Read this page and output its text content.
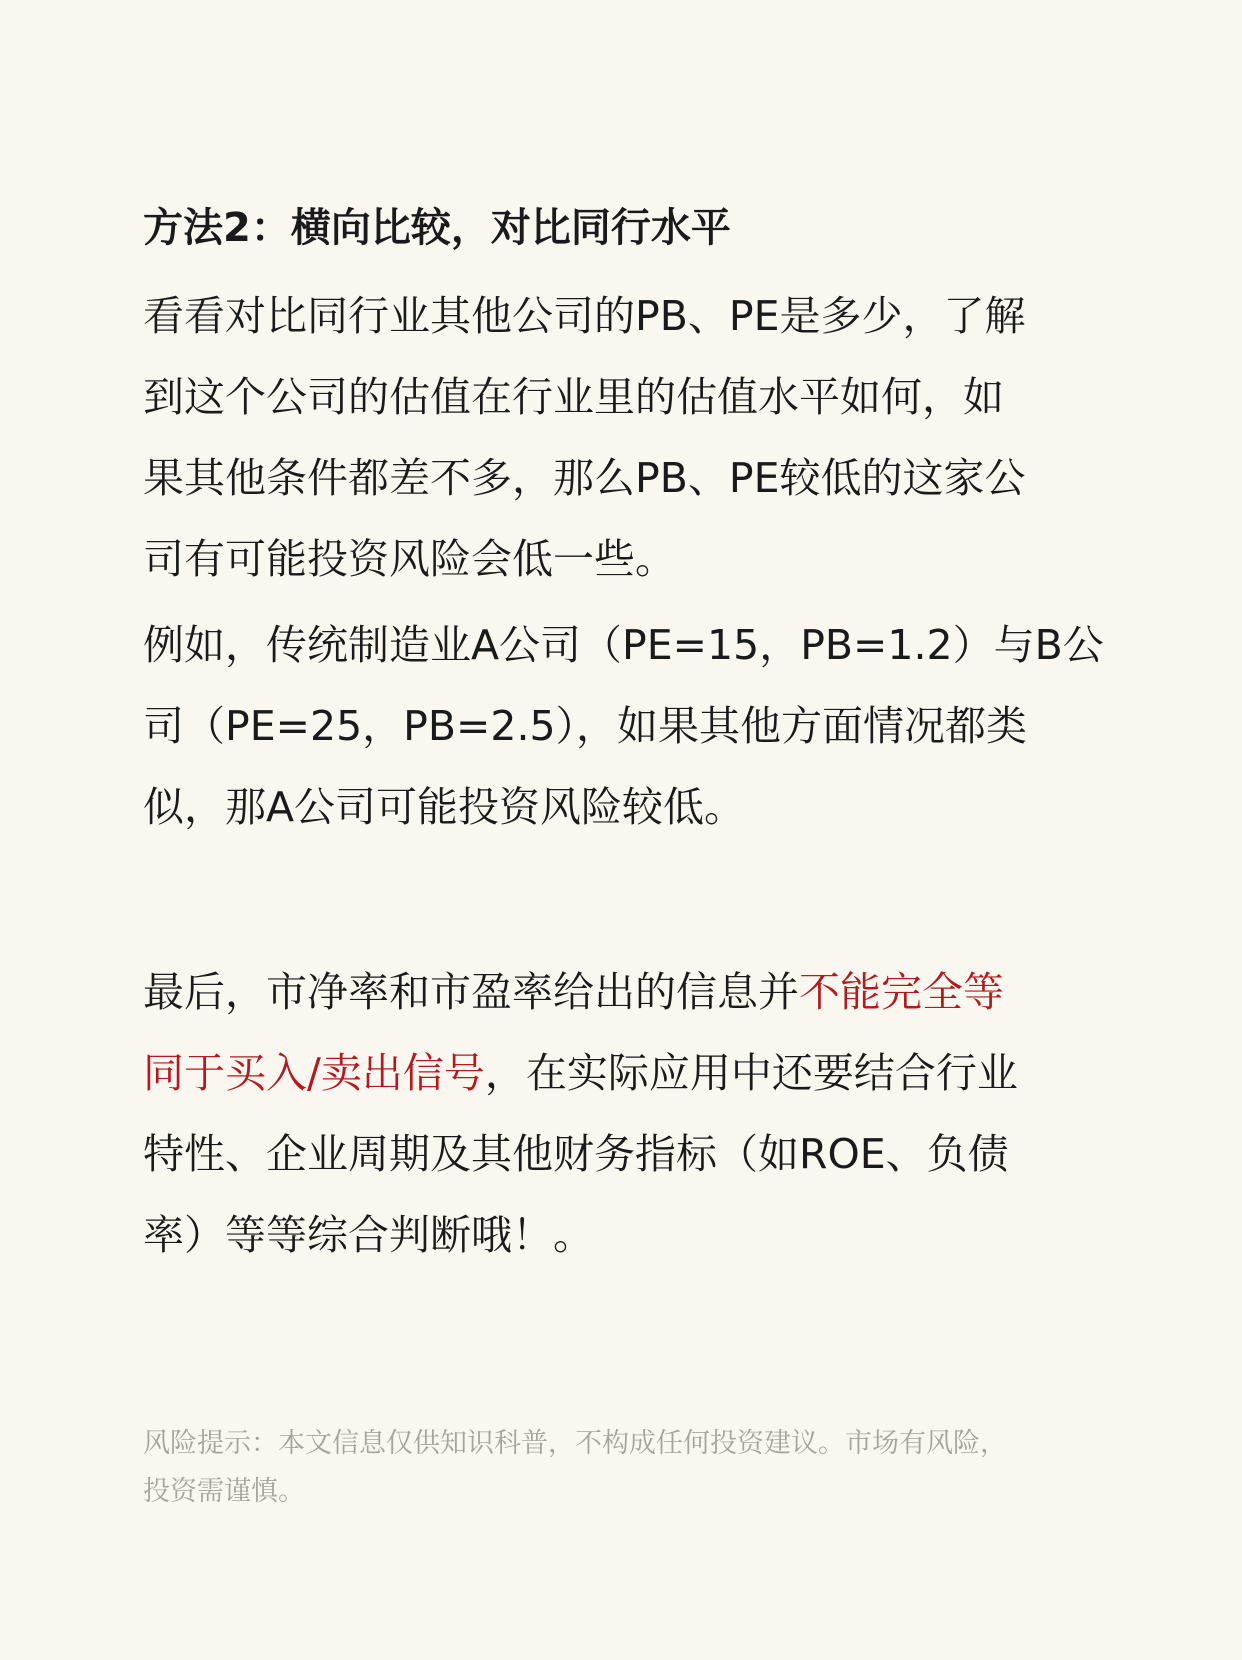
方法2：横向比较，对比同行水平

看看对比同行业其他公司的PB、PE是多少，了解
到这个公司的估值在行业里的估值水平如何，如
果其他条件都差不多，那么PB、PE较低的这家公
司有可能投资风险会低一些。

例如，传统制造业A公司（PE=15，PB=1.2）与B公
司（PE=25，PB=2.5），如果其他方面情况都类
似，那A公司可能投资风险较低。

最后，市净率和市盈率给出的信息并不能完全等
同于买入/卖出信号，在实际应用中还要结合行业
特性、企业周期及其他财务指标（如ROE、负债
率）等等综合判断哦！。

风险提示：本文信息仅供知识科普，不构成任何投资建议。市场有风险，
投资需谨慎。
